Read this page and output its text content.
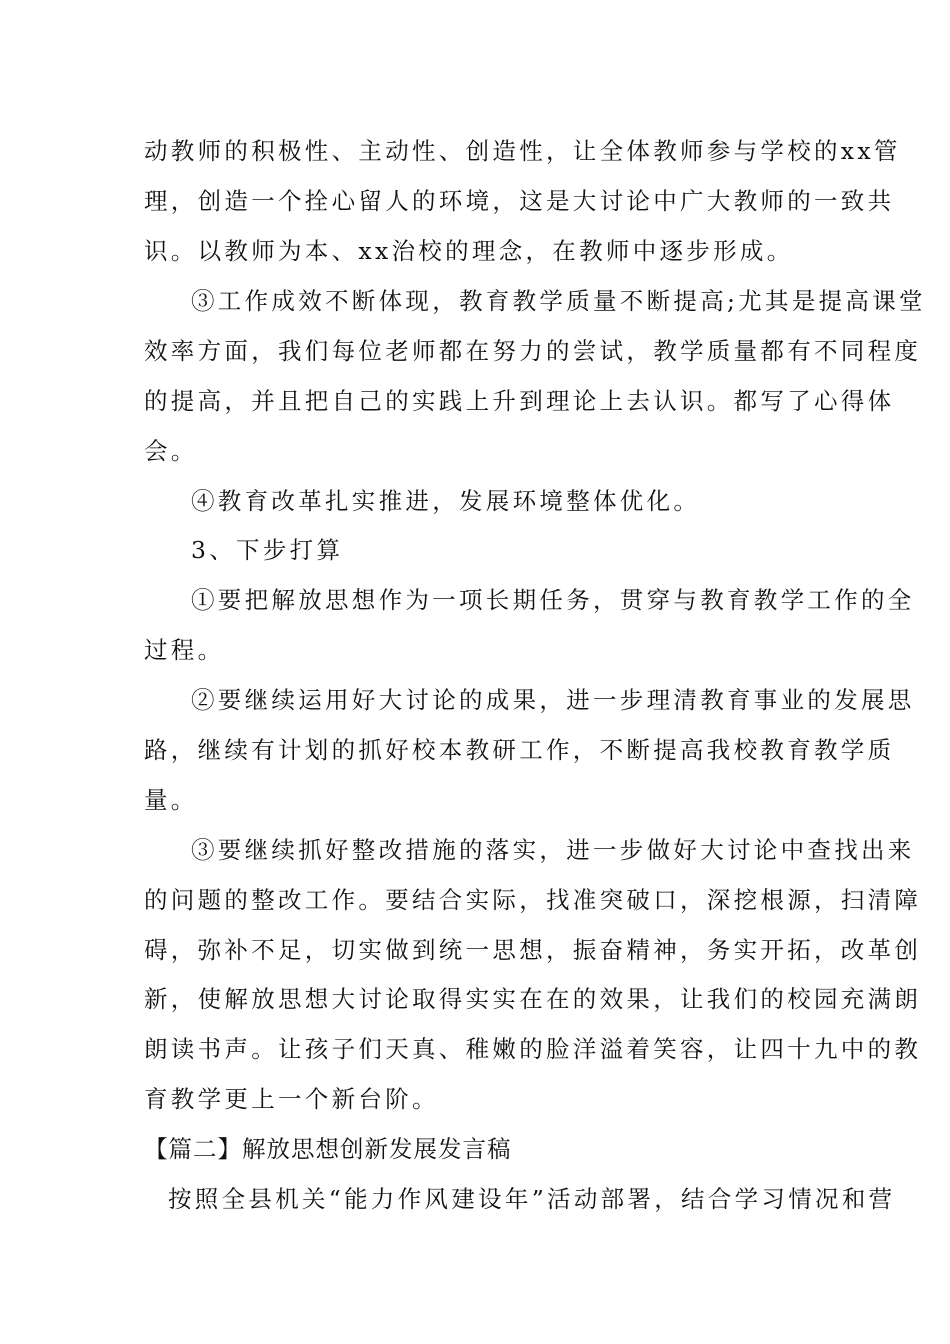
动教师的积极性、主动性、创造性，让全体教师参与学校的xx管
理，创造一个拴心留人的环境，这是大讨论中广大教师的一致共
识。以教师为本、xx治校的理念，在教师中逐步形成。
③工作成效不断体现，教育教学质量不断提高;尤其是提高课堂
效率方面，我们每位老师都在努力的尝试，教学质量都有不同程度
的提高，并且把自己的实践上升到理论上去认识。都写了心得体
会。
④教育改革扎实推进，发展环境整体优化。
3、下步打算
①要把解放思想作为一项长期任务，贯穿与教育教学工作的全
过程。
②要继续运用好大讨论的成果，进一步理清教育事业的发展思
路，继续有计划的抓好校本教研工作，不断提高我校教育教学质
量。
③要继续抓好整改措施的落实，进一步做好大讨论中查找出来
的问题的整改工作。要结合实际，找准突破口，深挖根源，扫清障
碍，弥补不足，切实做到统一思想，振奋精神，务实开拓，改革创
新，使解放思想大讨论取得实实在在的效果，让我们的校园充满朗
朗读书声。让孩子们天真、稚嫩的脸洋溢着笑容，让四十九中的教
育教学更上一个新台阶。
【篇二】解放思想创新发展发言稿
按照全县机关“能力作风建设年”活动部署，结合学习情况和营
